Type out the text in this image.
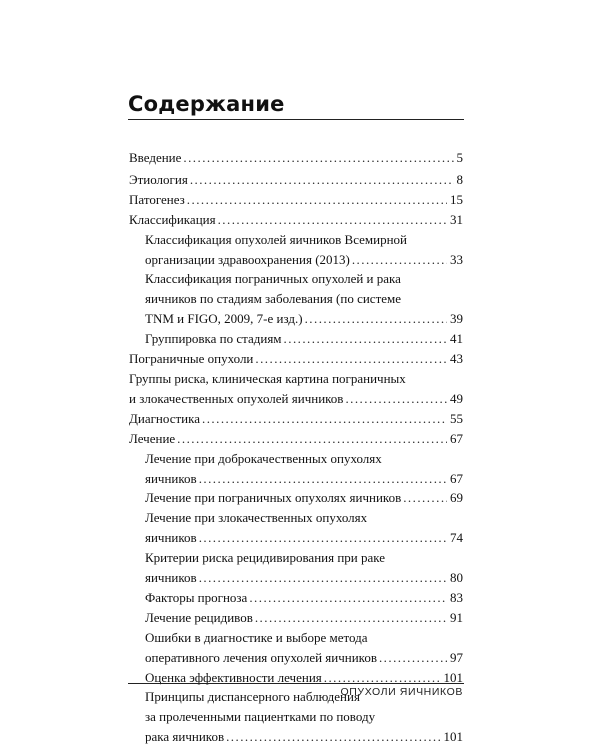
Содержание
Введение . . .	5
Этиология . . .	8
Патогенез . . .	15
Классификация . . .	31
Классификация опухолей яичников Всемирной
организации здравоохранения (2013) . . .	33
Классификация пограничных опухолей и рака
яичников по стадиям заболевания (по системе
TNM и FIGO, 2009, 7-е изд.) . . .	39
Группировка по стадиям . . .	41
Пограничные опухоли . . .	43
Группы риска, клиническая картина пограничных
и злокачественных опухолей яичников . . .	49
Диагностика . . .	55
Лечение . . .	67
Лечение при доброкачественных опухолях
яичников . . .	67
Лечение при пограничных опухолях яичников . . .	69
Лечение при злокачественных опухолях
яичников . . .	74
Критерии риска рецидивирования при раке
яичников . . .	80
Факторы прогноза . . .	83
Лечение рецидивов . . .	91
Ошибки в диагностике и выборе метода
оперативного лечения опухолей яичников . . .	97
Оценка эффективности лечения . . .	101
Принципы диспансерного наблюдения
за пролеченными пациентками по поводу
рака яичников . . .	101
ОПУХОЛИ ЯИЧНИКОВ
